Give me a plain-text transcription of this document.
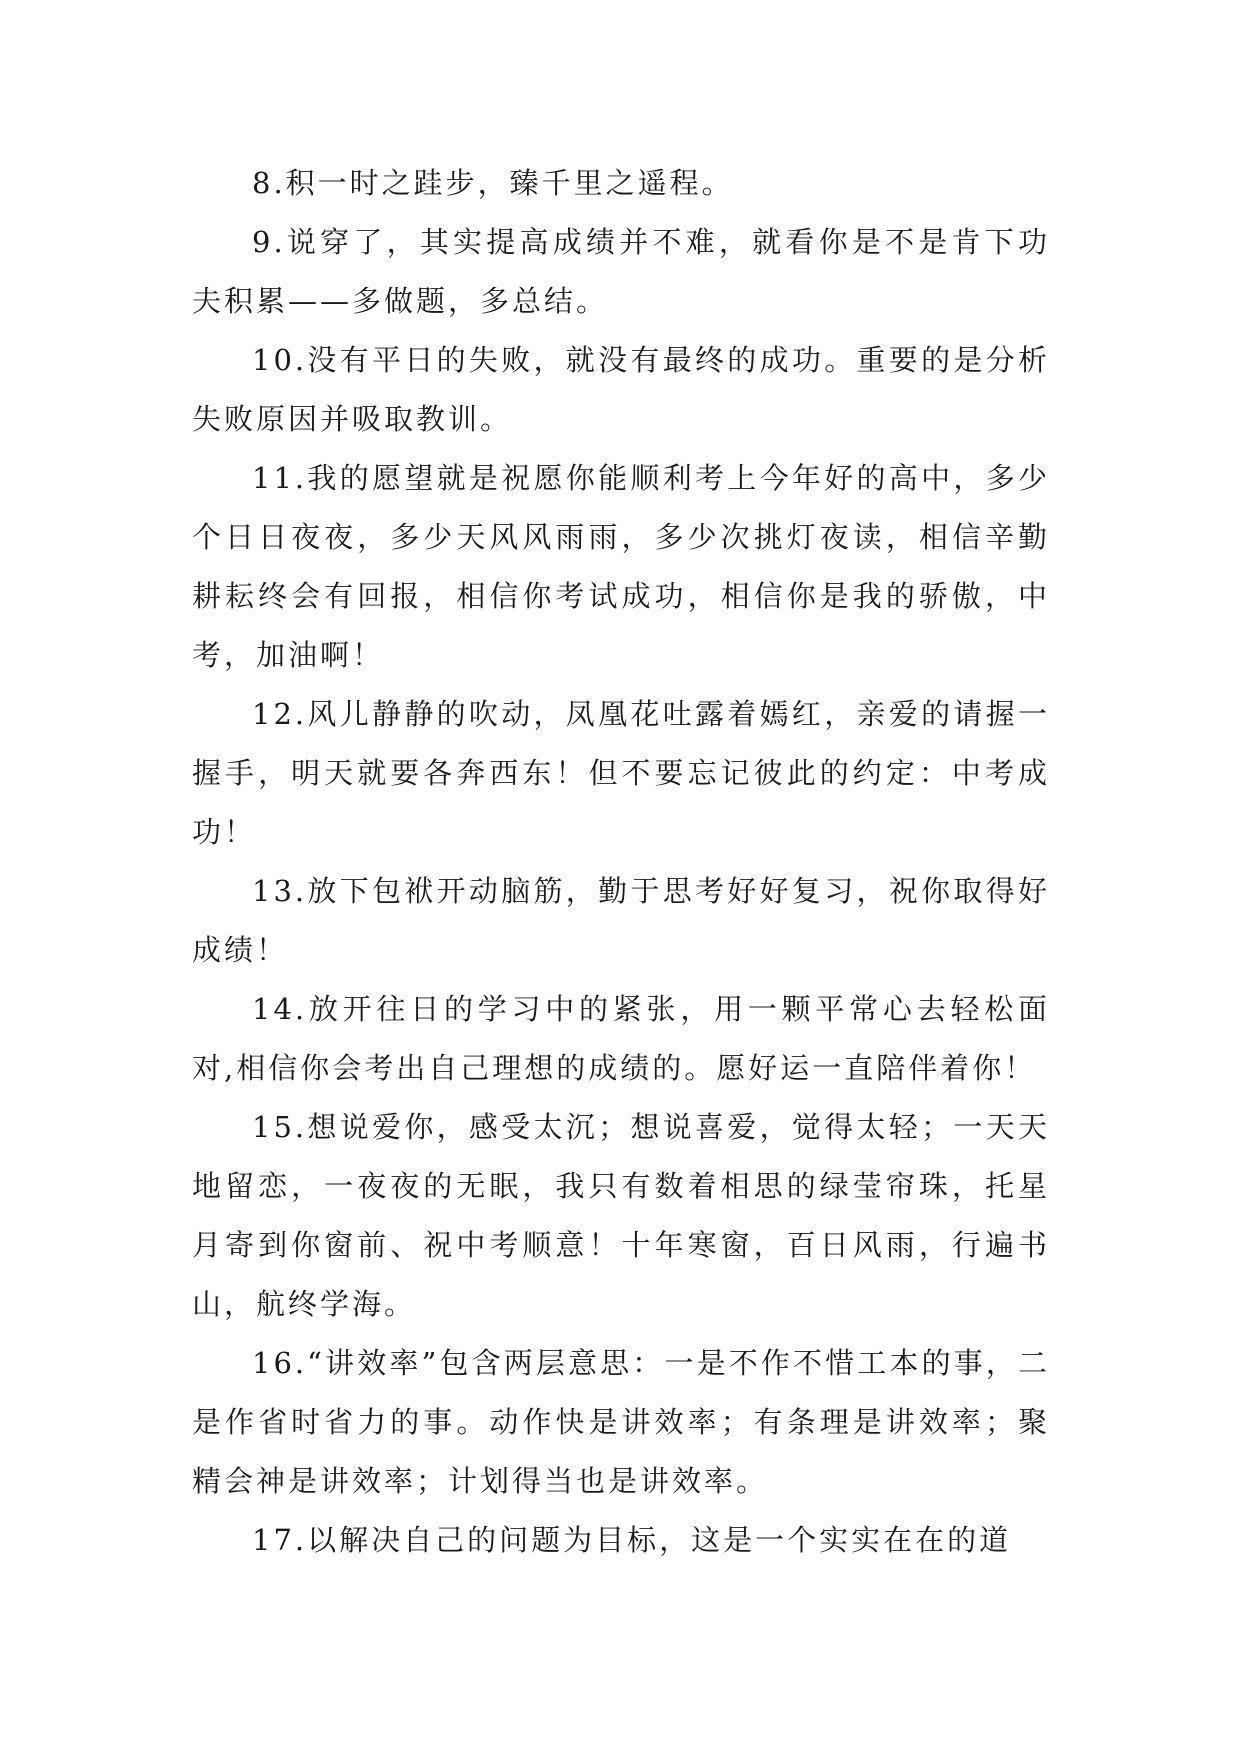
8.积一时之跬步，臻千里之遥程。

9.说穿了，其实提高成绩并不难，就看你是不是肯下功夫积累——多做题，多总结。

10.没有平日的失败，就没有最终的成功。重要的是分析失败原因并吸取教训。

11.我的愿望就是祝愿你能顺利考上今年好的高中，多少个日日夜夜，多少天风风雨雨，多少次挑灯夜读，相信辛勤耕耘终会有回报，相信你考试成功，相信你是我的骄傲，中考，加油啊！

12.风儿静静的吹动，凤凰花吐露着嫣红，亲爱的请握一握手，明天就要各奔西东！但不要忘记彼此的约定：中考成功！

13.放下包袱开动脑筋，勤于思考好好复习，祝你取得好成绩！

14.放开往日的学习中的紧张，用一颗平常心去轻松面对,相信你会考出自己理想的成绩的。愿好运一直陪伴着你！

15.想说爱你，感受太沉；想说喜爱，觉得太轻；一天天地留恋，一夜夜的无眠，我只有数着相思的绿莹帘珠，托星月寄到你窗前、祝中考顺意！十年寒窗，百日风雨，行遍书山，航终学海。

16.“讲效率”包含两层意思：一是不作不惜工本的事，二是作省时省力的事。动作快是讲效率；有条理是讲效率；聚精会神是讲效率；计划得当也是讲效率。

17.以解决自己的问题为目标，这是一个实实在在的道
